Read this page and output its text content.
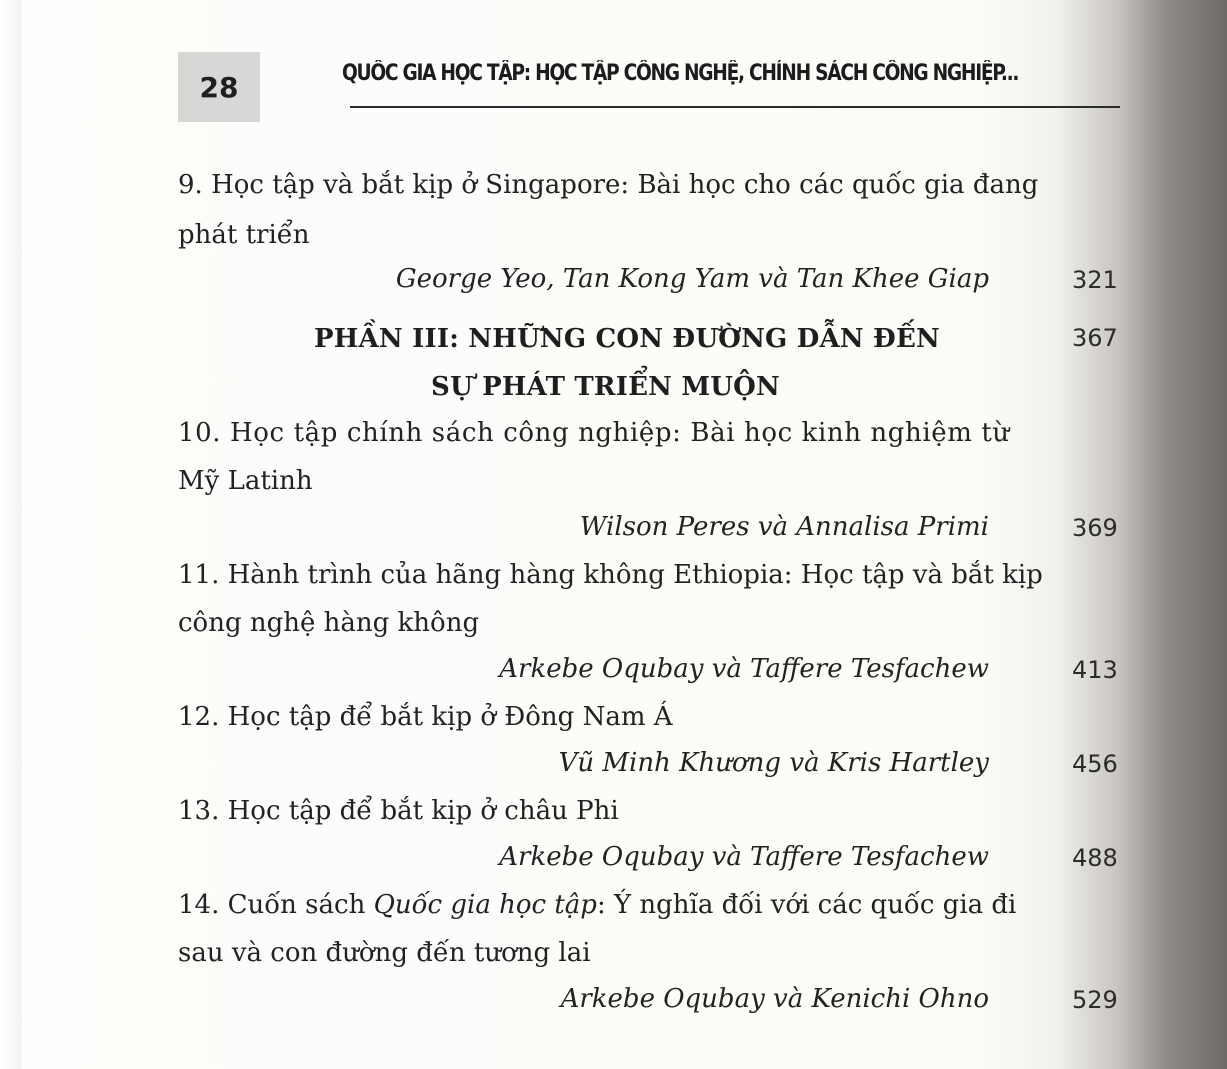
28	QUỐC GIA HỌC TẬP: HỌC TẬP CÔNG NGHỆ, CHÍNH SÁCH CÔNG NGHIỆP...
9. Học tập và bắt kịp ở Singapore: Bài học cho các quốc gia đang
phát triển
George Yeo, Tan Kong Yam và Tan Khee Giap	321
PHẦN III: NHỮNG CON ĐƯỜNG DẪN ĐẾN	367
SỰ PHÁT TRIỂN MUỘN
10. Học tập chính sách công nghiệp: Bài học kinh nghiệm từ
Mỹ Latinh
Wilson Peres và Annalisa Primi	369
11. Hành trình của hãng hàng không Ethiopia: Học tập và bắt kịp
công nghệ hàng không
Arkebe Oqubay và Taffere Tesfachew	413
12. Học tập để bắt kịp ở Đông Nam Á
Vũ Minh Khương và Kris Hartley	456
13. Học tập để bắt kịp ở châu Phi
Arkebe Oqubay và Taffere Tesfachew	488
14. Cuốn sách Quốc gia học tập: Ý nghĩa đối với các quốc gia đi
sau và con đường đến tương lai
Arkebe Oqubay và Kenichi Ohno	529
